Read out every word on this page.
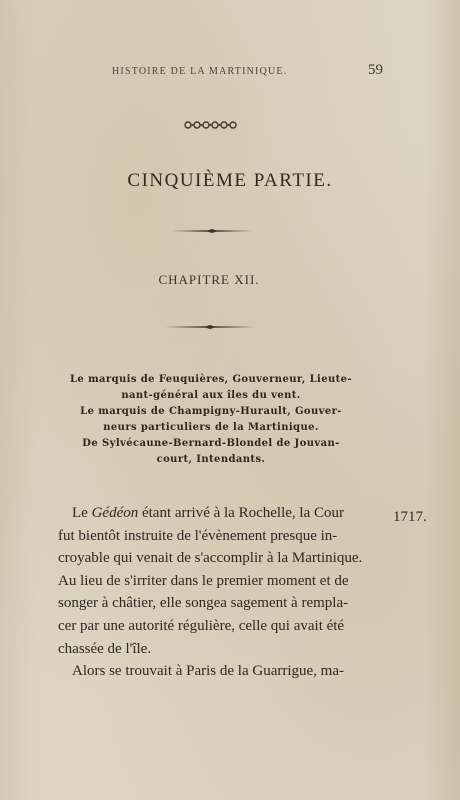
HISTOIRE DE LA MARTINIQUE.	59
CINQUIÈME PARTIE.
CHAPITRE XII.
Le marquis de Feuquières, Gouverneur, Lieute-
nant-général aux îles du vent.
Le marquis de Champigny-Hurault, Gouver-
neurs particuliers de la Martinique.
De Sylvécaune-Bernard-Blondel de Jouvan-
court, Intendants.
Le Gédéon étant arrivé à la Rochelle, la Cour
fut bientôt instruite de l'évènement presque in-
croyable qui venait de s'accomplir à la Martinique.
Au lieu de s'irriter dans le premier moment et de
songer à châtier, elle songea sagement à rempla-
cer par une autorité régulière, celle qui avait été
chassée de l'île.
Alors se trouvait à Paris de la Guarrigue, ma-
1717.
